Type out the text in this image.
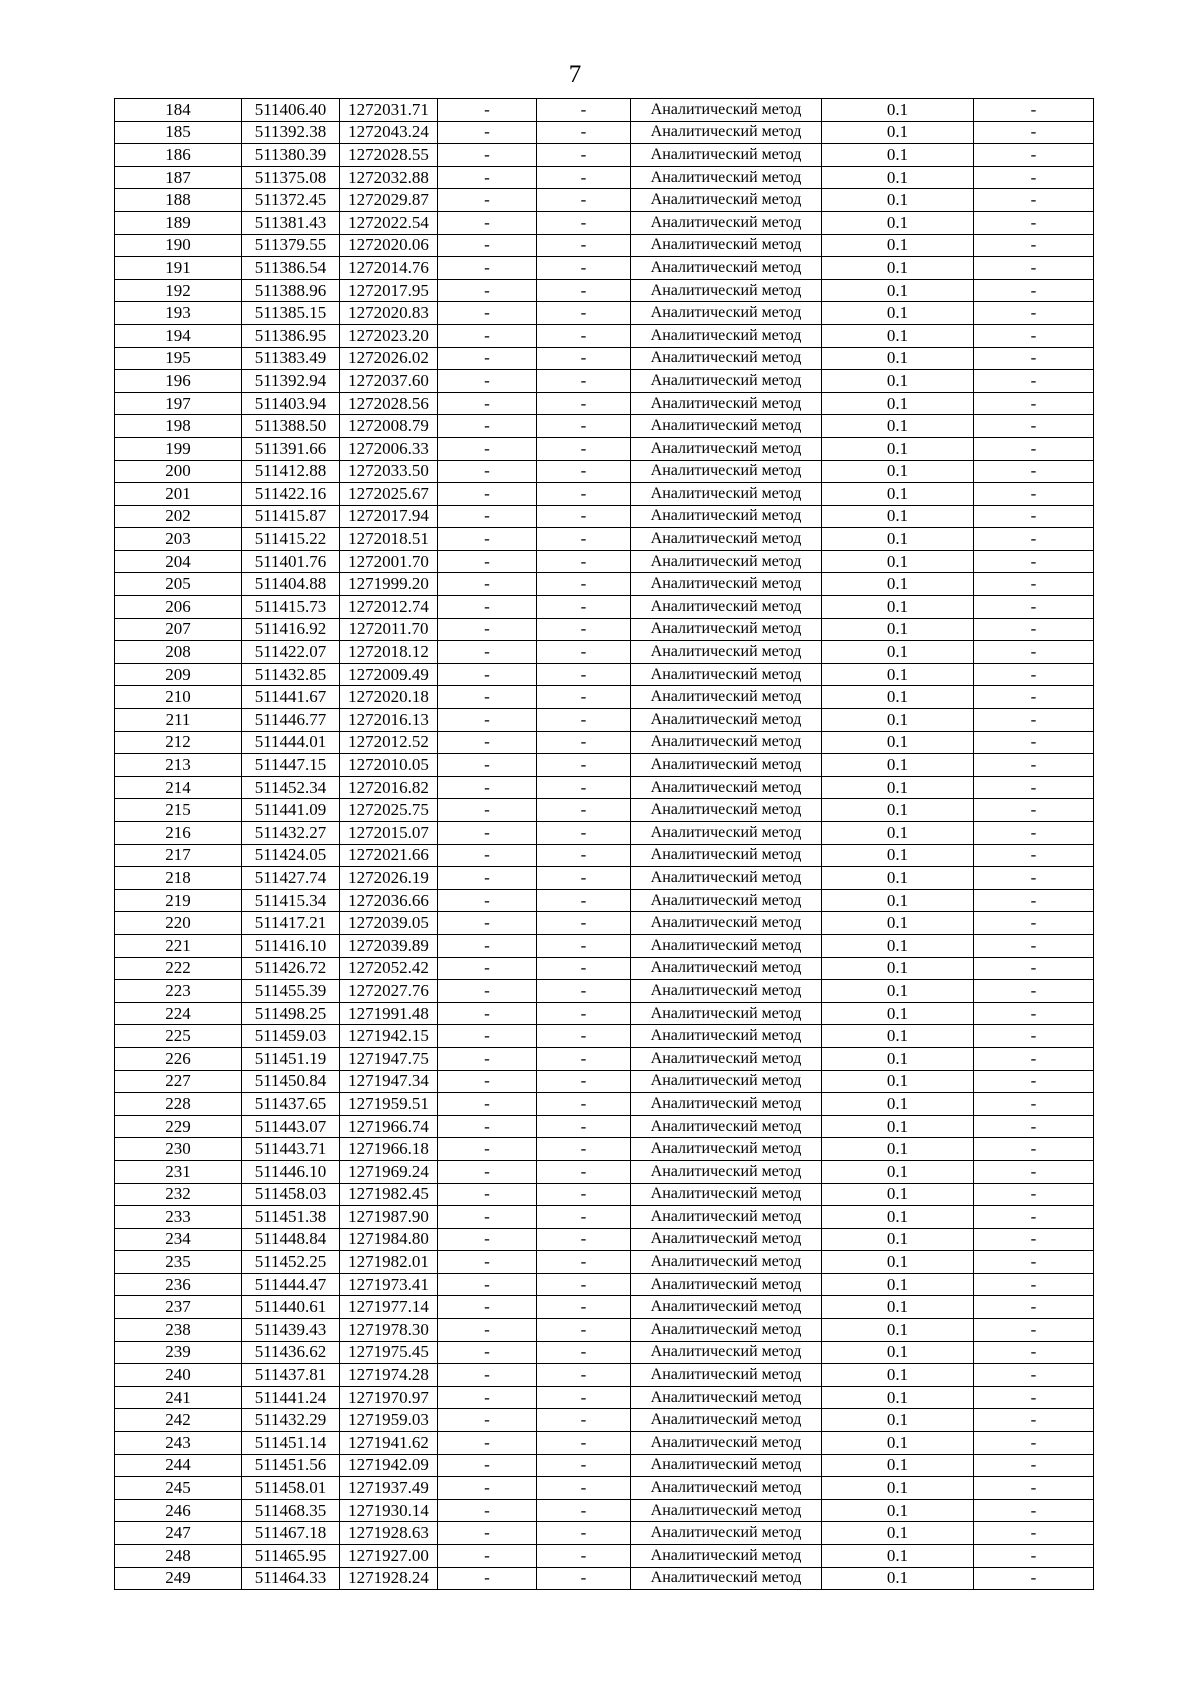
7
184	511406.40	1272031.71	-	-	Аналитический метод	0.1	-
185	511392.38	1272043.24	-	-	Аналитический метод	0.1	-
186	511380.39	1272028.55	-	-	Аналитический метод	0.1	-
187	511375.08	1272032.88	-	-	Аналитический метод	0.1	-
188	511372.45	1272029.87	-	-	Аналитический метод	0.1	-
189	511381.43	1272022.54	-	-	Аналитический метод	0.1	-
190	511379.55	1272020.06	-	-	Аналитический метод	0.1	-
191	511386.54	1272014.76	-	-	Аналитический метод	0.1	-
192	511388.96	1272017.95	-	-	Аналитический метод	0.1	-
193	511385.15	1272020.83	-	-	Аналитический метод	0.1	-
194	511386.95	1272023.20	-	-	Аналитический метод	0.1	-
195	511383.49	1272026.02	-	-	Аналитический метод	0.1	-
196	511392.94	1272037.60	-	-	Аналитический метод	0.1	-
197	511403.94	1272028.56	-	-	Аналитический метод	0.1	-
198	511388.50	1272008.79	-	-	Аналитический метод	0.1	-
199	511391.66	1272006.33	-	-	Аналитический метод	0.1	-
200	511412.88	1272033.50	-	-	Аналитический метод	0.1	-
201	511422.16	1272025.67	-	-	Аналитический метод	0.1	-
202	511415.87	1272017.94	-	-	Аналитический метод	0.1	-
203	511415.22	1272018.51	-	-	Аналитический метод	0.1	-
204	511401.76	1272001.70	-	-	Аналитический метод	0.1	-
205	511404.88	1271999.20	-	-	Аналитический метод	0.1	-
206	511415.73	1272012.74	-	-	Аналитический метод	0.1	-
207	511416.92	1272011.70	-	-	Аналитический метод	0.1	-
208	511422.07	1272018.12	-	-	Аналитический метод	0.1	-
209	511432.85	1272009.49	-	-	Аналитический метод	0.1	-
210	511441.67	1272020.18	-	-	Аналитический метод	0.1	-
211	511446.77	1272016.13	-	-	Аналитический метод	0.1	-
212	511444.01	1272012.52	-	-	Аналитический метод	0.1	-
213	511447.15	1272010.05	-	-	Аналитический метод	0.1	-
214	511452.34	1272016.82	-	-	Аналитический метод	0.1	-
215	511441.09	1272025.75	-	-	Аналитический метод	0.1	-
216	511432.27	1272015.07	-	-	Аналитический метод	0.1	-
217	511424.05	1272021.66	-	-	Аналитический метод	0.1	-
218	511427.74	1272026.19	-	-	Аналитический метод	0.1	-
219	511415.34	1272036.66	-	-	Аналитический метод	0.1	-
220	511417.21	1272039.05	-	-	Аналитический метод	0.1	-
221	511416.10	1272039.89	-	-	Аналитический метод	0.1	-
222	511426.72	1272052.42	-	-	Аналитический метод	0.1	-
223	511455.39	1272027.76	-	-	Аналитический метод	0.1	-
224	511498.25	1271991.48	-	-	Аналитический метод	0.1	-
225	511459.03	1271942.15	-	-	Аналитический метод	0.1	-
226	511451.19	1271947.75	-	-	Аналитический метод	0.1	-
227	511450.84	1271947.34	-	-	Аналитический метод	0.1	-
228	511437.65	1271959.51	-	-	Аналитический метод	0.1	-
229	511443.07	1271966.74	-	-	Аналитический метод	0.1	-
230	511443.71	1271966.18	-	-	Аналитический метод	0.1	-
231	511446.10	1271969.24	-	-	Аналитический метод	0.1	-
232	511458.03	1271982.45	-	-	Аналитический метод	0.1	-
233	511451.38	1271987.90	-	-	Аналитический метод	0.1	-
234	511448.84	1271984.80	-	-	Аналитический метод	0.1	-
235	511452.25	1271982.01	-	-	Аналитический метод	0.1	-
236	511444.47	1271973.41	-	-	Аналитический метод	0.1	-
237	511440.61	1271977.14	-	-	Аналитический метод	0.1	-
238	511439.43	1271978.30	-	-	Аналитический метод	0.1	-
239	511436.62	1271975.45	-	-	Аналитический метод	0.1	-
240	511437.81	1271974.28	-	-	Аналитический метод	0.1	-
241	511441.24	1271970.97	-	-	Аналитический метод	0.1	-
242	511432.29	1271959.03	-	-	Аналитический метод	0.1	-
243	511451.14	1271941.62	-	-	Аналитический метод	0.1	-
244	511451.56	1271942.09	-	-	Аналитический метод	0.1	-
245	511458.01	1271937.49	-	-	Аналитический метод	0.1	-
246	511468.35	1271930.14	-	-	Аналитический метод	0.1	-
247	511467.18	1271928.63	-	-	Аналитический метод	0.1	-
248	511465.95	1271927.00	-	-	Аналитический метод	0.1	-
249	511464.33	1271928.24	-	-	Аналитический метод	0.1	-
